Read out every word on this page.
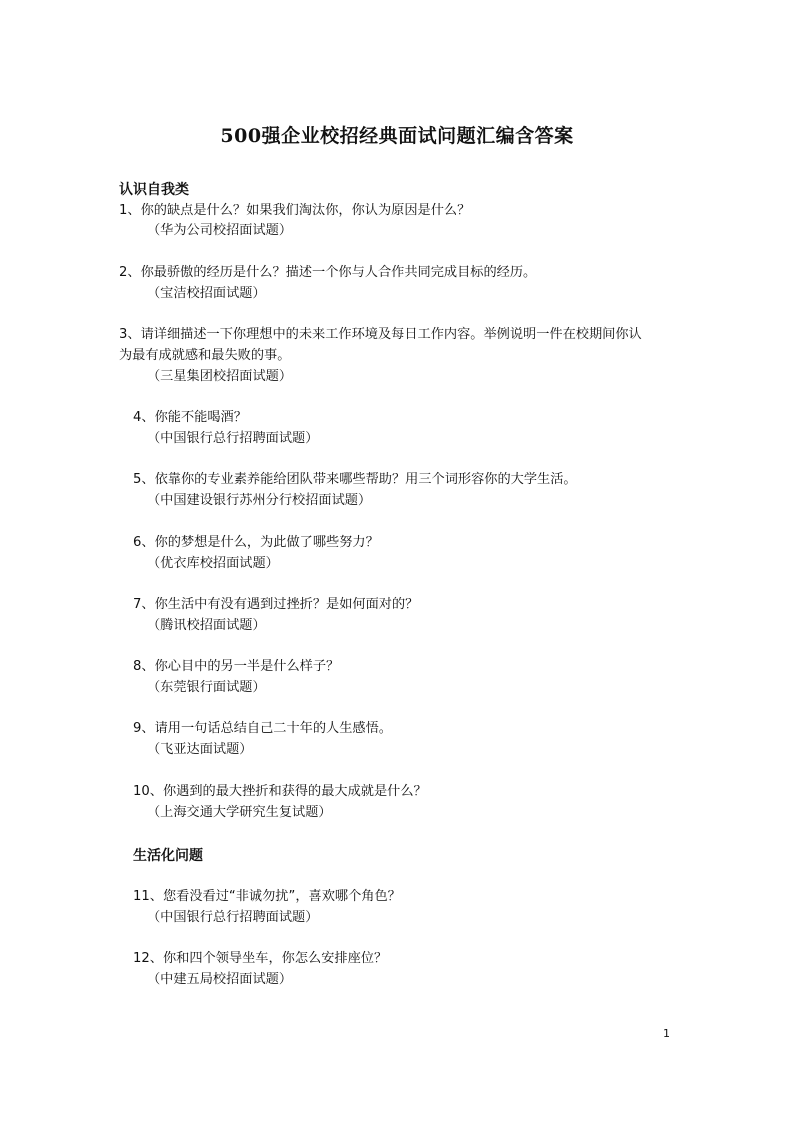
500强企业校招经典面试问题汇编含答案
认识自我类
1、你的缺点是什么？如果我们淘汰你，你认为原因是什么？
（华为公司校招面试题）
2、你最骄傲的经历是什么？描述一个你与人合作共同完成目标的经历。
（宝洁校招面试题）
3、请详细描述一下你理想中的未来工作环境及每日工作内容。举例说明一件在校期间你认
为最有成就感和最失败的事。
（三星集团校招面试题）
4、你能不能喝酒？
（中国银行总行招聘面试题）
5、依靠你的专业素养能给团队带来哪些帮助？用三个词形容你的大学生活。
（中国建设银行苏州分行校招面试题）
6、你的梦想是什么，为此做了哪些努力？
（优衣库校招面试题）
7、你生活中有没有遇到过挫折？是如何面对的？
（腾讯校招面试题）
8、你心目中的另一半是什么样子？
（东莞银行面试题）
9、请用一句话总结自己二十年的人生感悟。
（飞亚达面试题）
10、你遇到的最大挫折和获得的最大成就是什么？
（上海交通大学研究生复试题）
生活化问题
11、您看没看过“非诚勿扰”，喜欢哪个角色？
（中国银行总行招聘面试题）
12、你和四个领导坐车，你怎么安排座位？
（中建五局校招面试题）
1
